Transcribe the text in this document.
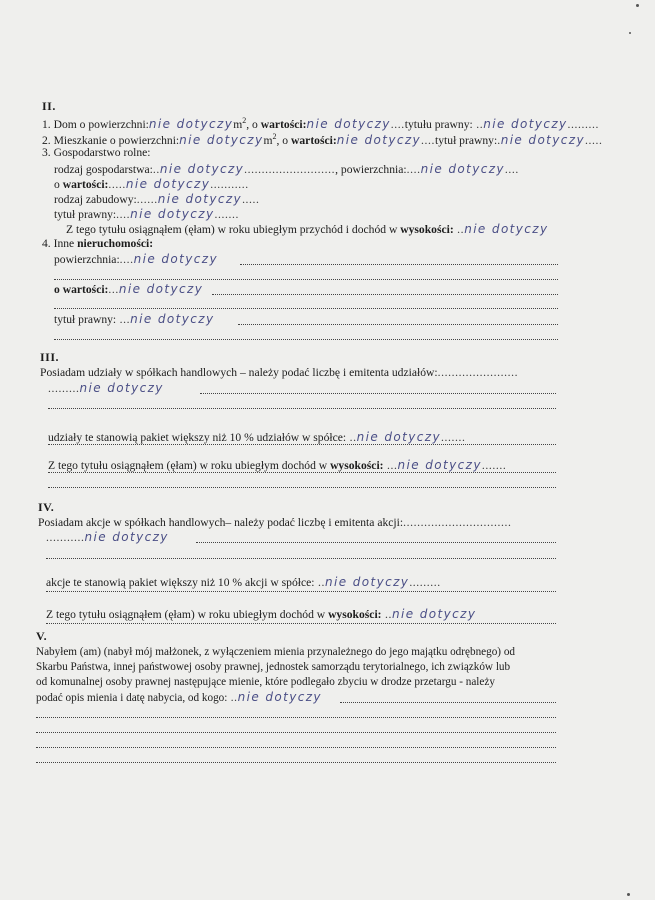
II.
1. Dom o powierzchni:nie dotyczym$^2$, o wartości:nie dotyczy....tytułu prawny: ..nie dotyczy.........
2. Mieszkanie o powierzchni:nie dotyczym$^2$, o wartości:nie dotyczy....tytuł prawny:.nie dotyczy.....
3. Gospodarstwo rolne:
rodzaj gospodarstwa:..nie dotyczy.........................., powierzchnia:....nie dotyczy....
o wartości:.....nie dotyczy...........
rodzaj zabudowy:......nie dotyczy.....
tytuł prawny:....nie dotyczy.......
Z tego tytułu osiągnąłem (ęłam) w roku ubiegłym przychód i dochód w wysokości: ..nie dotyczy
4. Inne nieruchomości:
powierzchnia:....nie dotyczy
o wartości:...nie dotyczy
tytuł prawny: ...nie dotyczy
III.
Posiadam udziały w spółkach handlowych – należy podać liczbę i emitenta udziałów:.......................
.........nie dotyczy
udziały te stanowią pakiet większy niż 10 % udziałów w spółce: ..nie dotyczy.......
Z tego tytułu osiągnąłem (ęłam) w roku ubiegłym dochód w wysokości: ...nie dotyczy.......
IV.
Posiadam akcje w spółkach handlowych– należy podać liczbę i emitenta akcji:...............................
...........nie dotyczy
akcje te stanowią pakiet większy niż 10 % akcji w spółce: ..nie dotyczy.........
Z tego tytułu osiągnąłem (ęłam) w roku ubiegłym dochód w wysokości: ..nie dotyczy
V.
Nabyłem (am) (nabył mój małżonek, z wyłączeniem mienia przynależnego do jego majątku odrębnego) od
Skarbu Państwa, innej państwowej osoby prawnej, jednostek samorządu terytorialnego, ich związków lub
od komunalnej osoby prawnej następujące mienie, które podlegało zbyciu w drodze przetargu - należy
podać opis mienia i datę nabycia, od kogo: ..nie dotyczy
